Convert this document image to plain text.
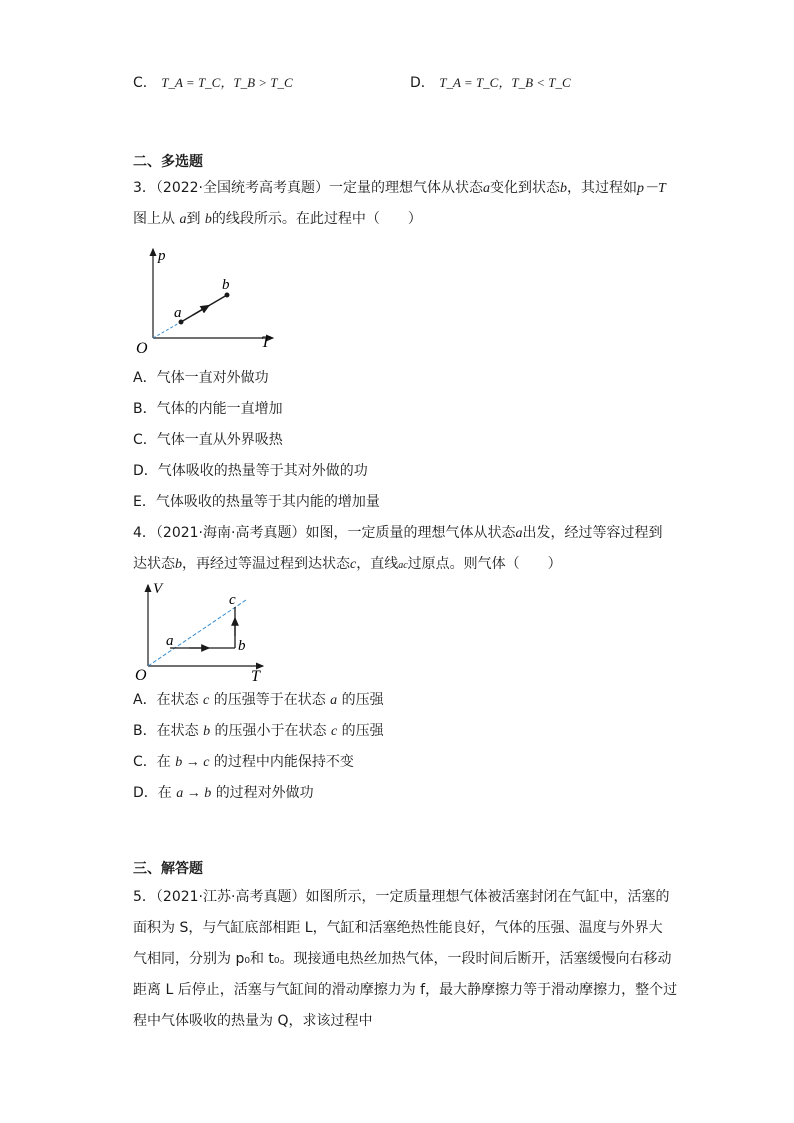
C． T_A = T_C，T_B > T_C	D． T_A = T_C，T_B < T_C
二、多选题
3．（2022·全国统考高考真题）一定量的理想气体从状态a变化到状态b，其过程如p－T
图上从 a到 b的线段所示。在此过程中（　　）
p
T
O
a
b
A．气体一直对外做功
B．气体的内能一直增加
C．气体一直从外界吸热
D．气体吸收的热量等于其对外做的功
E．气体吸收的热量等于其内能的增加量
4．（2021·海南·高考真题）如图，一定质量的理想气体从状态a出发，经过等容过程到
达状态b，再经过等温过程到达状态c，直线ac过原点。则气体（　　）
V
T
O
a	b
c
A．在状态 c 的压强等于在状态 a 的压强
B．在状态 b 的压强小于在状态 c 的压强
C．在 b → c 的过程中内能保持不变
D．在 a → b 的过程对外做功
三、解答题
5．（2021·江苏·高考真题）如图所示，一定质量理想气体被活塞封闭在气缸中，活塞的
面积为 S，与气缸底部相距 L，气缸和活塞绝热性能良好，气体的压强、温度与外界大
气相同，分别为 p₀和 t₀。现接通电热丝加热气体，一段时间后断开，活塞缓慢向右移动
距离 L 后停止，活塞与气缸间的滑动摩擦力为 f，最大静摩擦力等于滑动摩擦力，整个过
程中气体吸收的热量为 Q，求该过程中
